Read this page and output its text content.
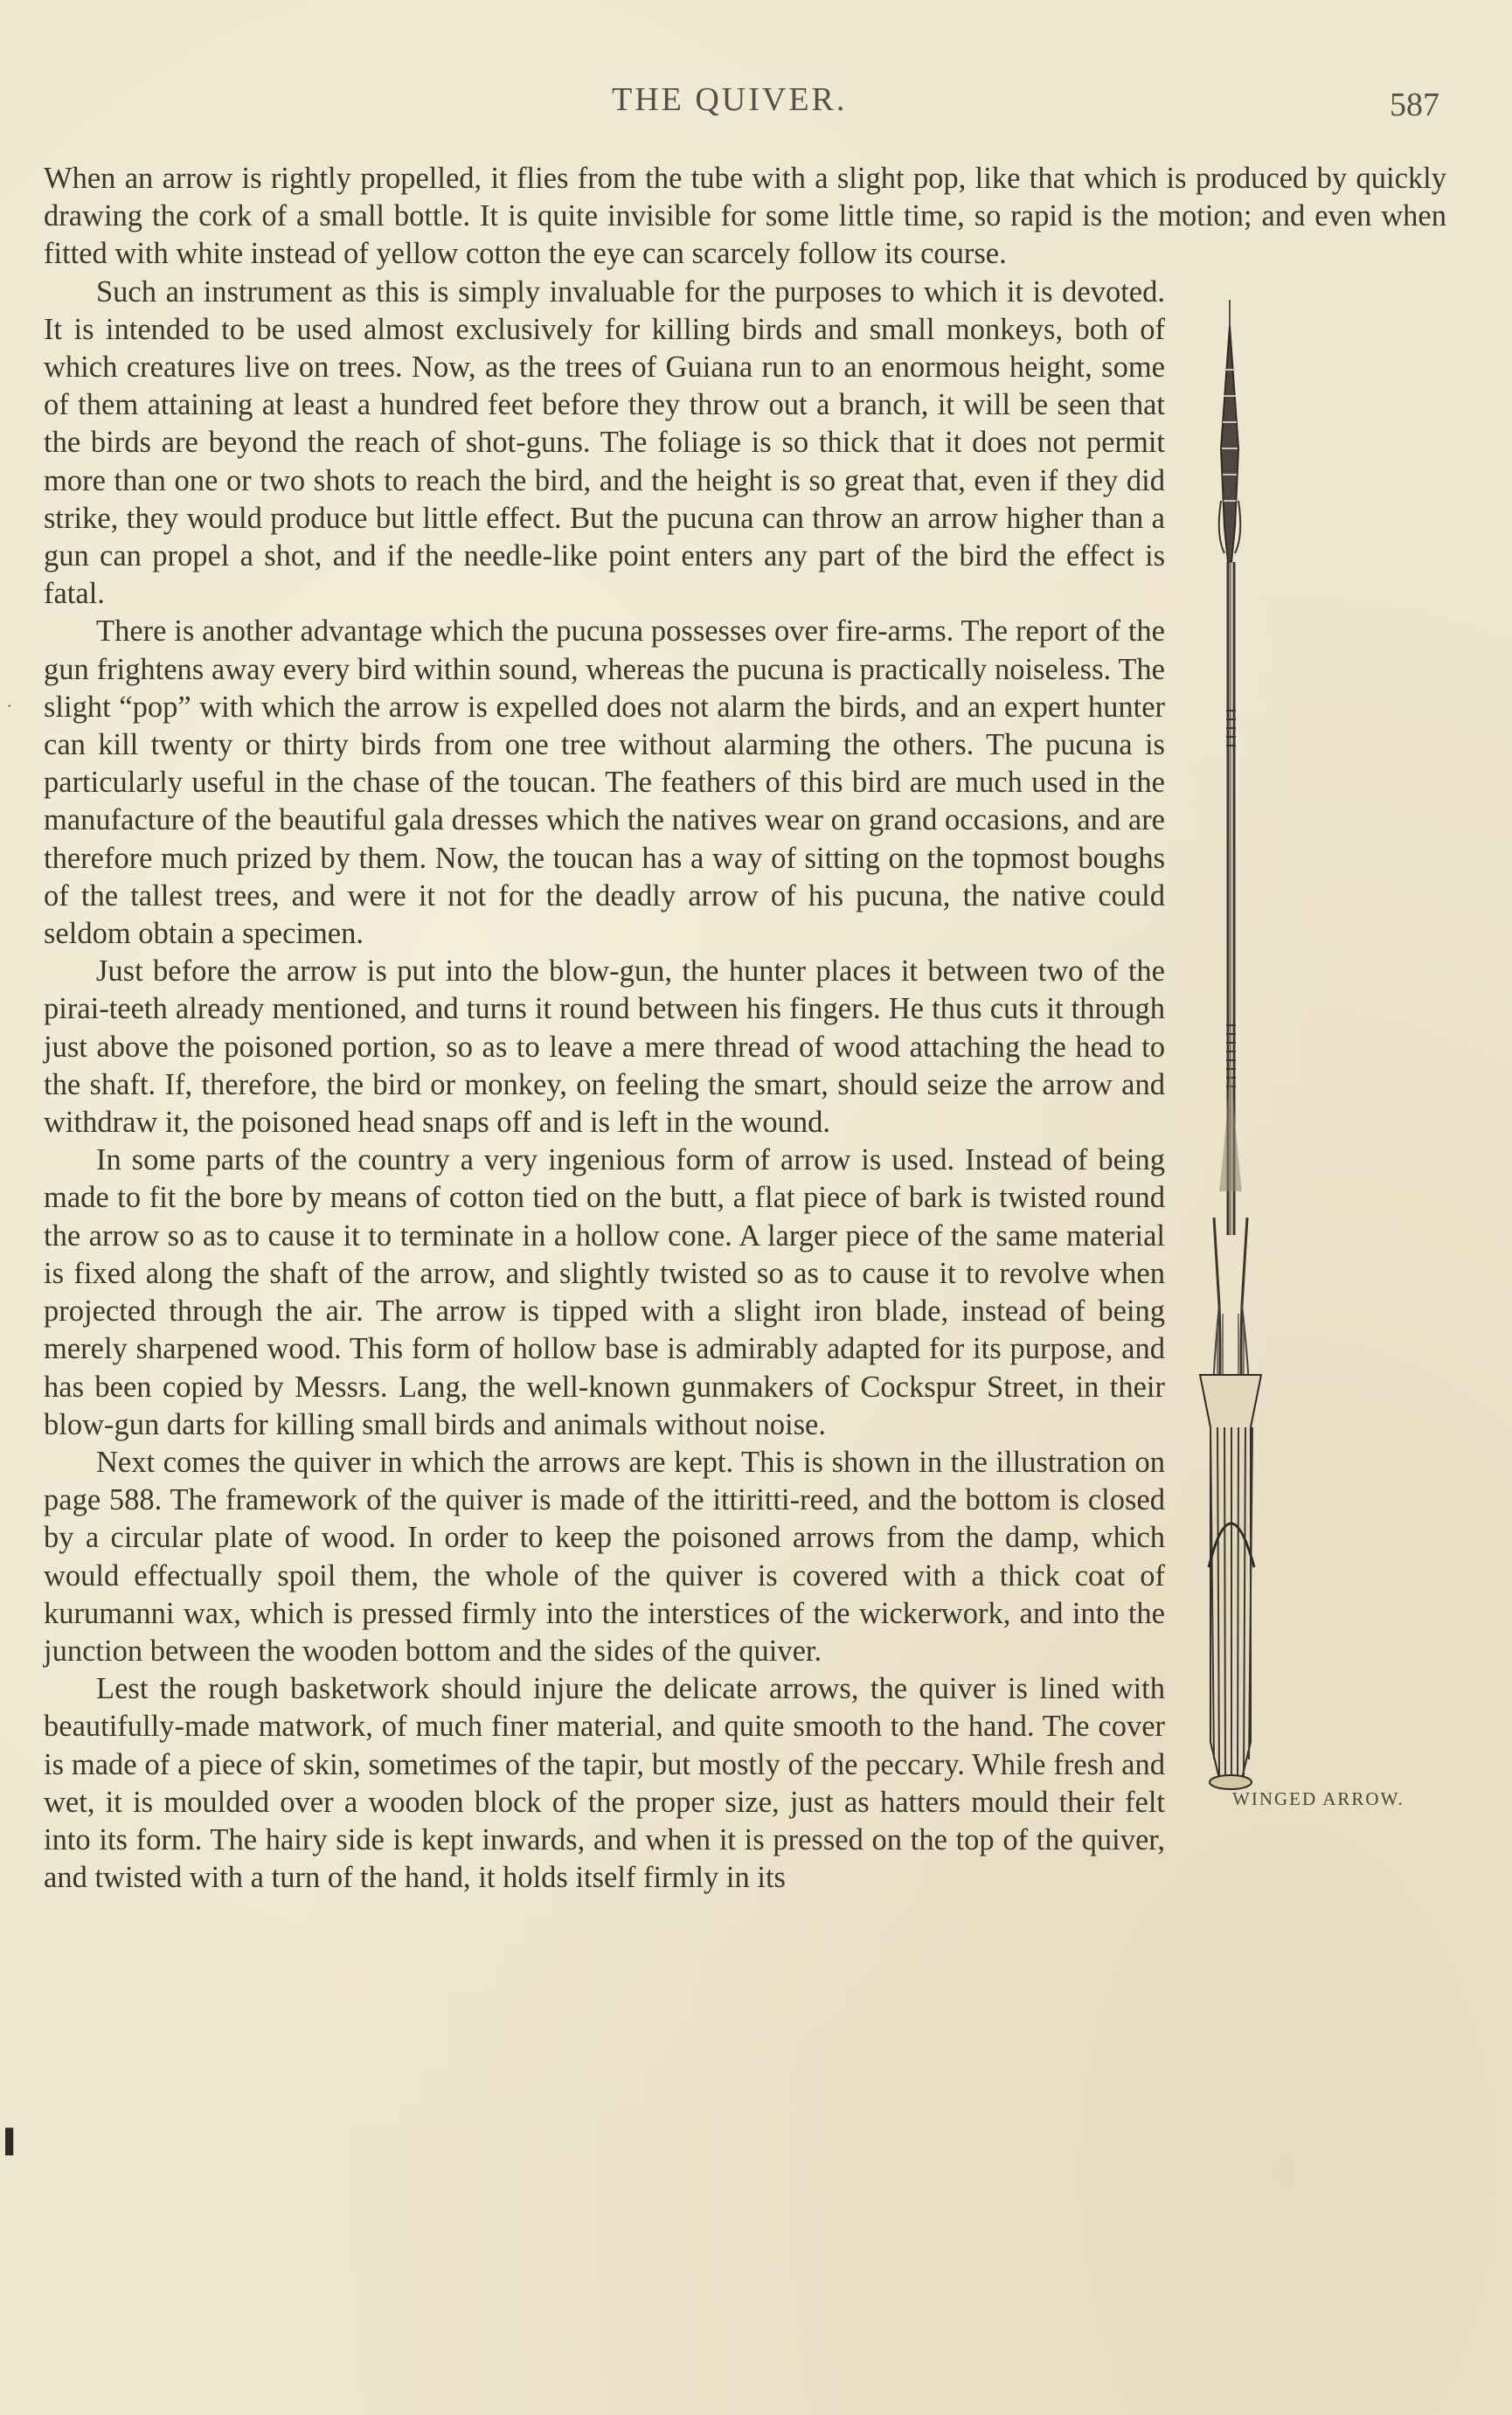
THE QUIVER.	587

When an arrow is rightly propelled, it flies from the tube with a slight pop, like that which is produced by quickly drawing the cork of a small bottle. It is quite invisible for some little time, so rapid is the motion; and even when fitted with white instead of yellow cotton the eye can scarcely follow its course.

WINGED ARROW.

Such an instrument as this is simply invaluable for the purposes to which it is devoted. It is intended to be used almost exclusively for killing birds and small monkeys, both of which creatures live on trees. Now, as the trees of Guiana run to an enormous height, some of them attaining at least a hundred feet before they throw out a branch, it will be seen that the birds are beyond the reach of shot-guns. The foliage is so thick that it does not permit more than one or two shots to reach the bird, and the height is so great that, even if they did strike, they would produce but little effect. But the pucuna can throw an arrow higher than a gun can propel a shot, and if the needle-like point enters any part of the bird the effect is fatal.

There is another advantage which the pucuna possesses over fire-arms. The report of the gun frightens away every bird within sound, whereas the pucuna is practically noiseless. The slight “pop” with which the arrow is expelled does not alarm the birds, and an expert hunter can kill twenty or thirty birds from one tree without alarming the others. The pucuna is particularly useful in the chase of the toucan. The feathers of this bird are much used in the manufacture of the beautiful gala dresses which the natives wear on grand occasions, and are therefore much prized by them. Now, the toucan has a way of sitting on the topmost boughs of the tallest trees, and were it not for the deadly arrow of his pucuna, the native could seldom obtain a specimen.

Just before the arrow is put into the blow-gun, the hunter places it between two of the pirai-teeth already mentioned, and turns it round between his fingers. He thus cuts it through just above the poisoned portion, so as to leave a mere thread of wood attaching the head to the shaft. If, therefore, the bird or monkey, on feeling the smart, should seize the arrow and withdraw it, the poisoned head snaps off and is left in the wound.

In some parts of the country a very ingenious form of arrow is used. Instead of being made to fit the bore by means of cotton tied on the butt, a flat piece of bark is twisted round the arrow so as to cause it to terminate in a hollow cone. A larger piece of the same material is fixed along the shaft of the arrow, and slightly twisted so as to cause it to revolve when projected through the air. The arrow is tipped with a slight iron blade, instead of being merely sharpened wood. This form of hollow base is admirably adapted for its purpose, and has been copied by Messrs. Lang, the well-known gunmakers of Cockspur Street, in their blow-gun darts for killing small birds and animals without noise.

Next comes the quiver in which the arrows are kept. This is shown in the illustration on page 588. The framework of the quiver is made of the ittiritti-reed, and the bottom is closed by a circular plate of wood. In order to keep the poisoned arrows from the damp, which would effectually spoil them, the whole of the quiver is covered with a thick coat of kurumanni wax, which is pressed firmly into the interstices of the wickerwork, and into the junction between the wooden bottom and the sides of the quiver.

Lest the rough basketwork should injure the delicate arrows, the quiver is lined with beautifully-made matwork, of much finer material, and quite smooth to the hand. The cover is made of a piece of skin, sometimes of the tapir, but mostly of the peccary. While fresh and wet, it is moulded over a wooden block of the proper size, just as hatters mould their felt into its form. The hairy side is kept inwards, and when it is pressed on the top of the quiver, and twisted with a turn of the hand, it holds itself firmly in its

·
▌
